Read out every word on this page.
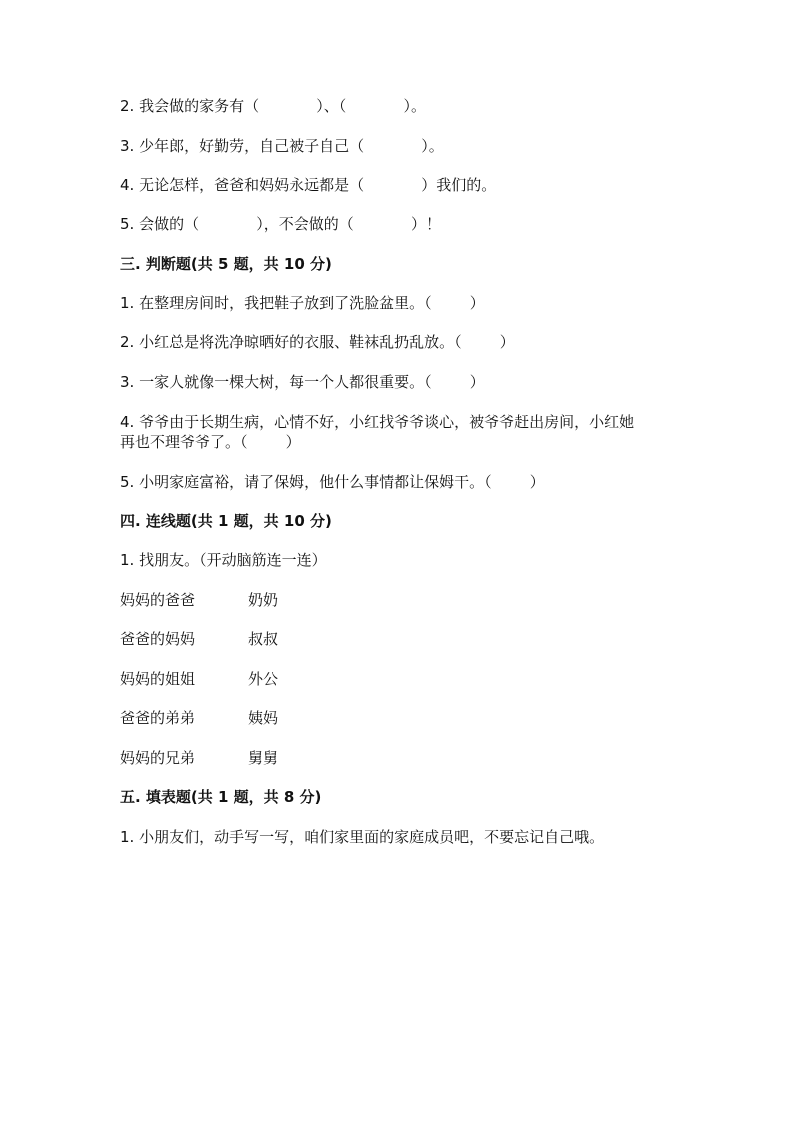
2. 我会做的家务有（            ）、（            ）。
3. 少年郎，好勤劳，自己被子自己（            ）。
4. 无论怎样，爸爸和妈妈永远都是（            ）我们的。
5. 会做的（            ），不会做的（            ）！
三. 判断题(共 5 题，共 10 分)
1. 在整理房间时，我把鞋子放到了洗脸盆里。（        ）
2. 小红总是将洗净晾晒好的衣服、鞋袜乱扔乱放。（        ）
3. 一家人就像一棵大树，每一个人都很重要。（        ）
4. 爷爷由于长期生病，心情不好，小红找爷爷谈心，被爷爷赶出房间，小红她
再也不理爷爷了。（        ）
5. 小明家庭富裕，请了保姆，他什么事情都让保姆干。（        ）
四. 连线题(共 1 题，共 10 分)
1. 找朋友。（开动脑筋连一连）
妈妈的爸爸	奶奶
爸爸的妈妈	叔叔
妈妈的姐姐	外公
爸爸的弟弟	姨妈
妈妈的兄弟	舅舅
五. 填表题(共 1 题，共 8 分)
1. 小朋友们，动手写一写，咱们家里面的家庭成员吧，不要忘记自己哦。
